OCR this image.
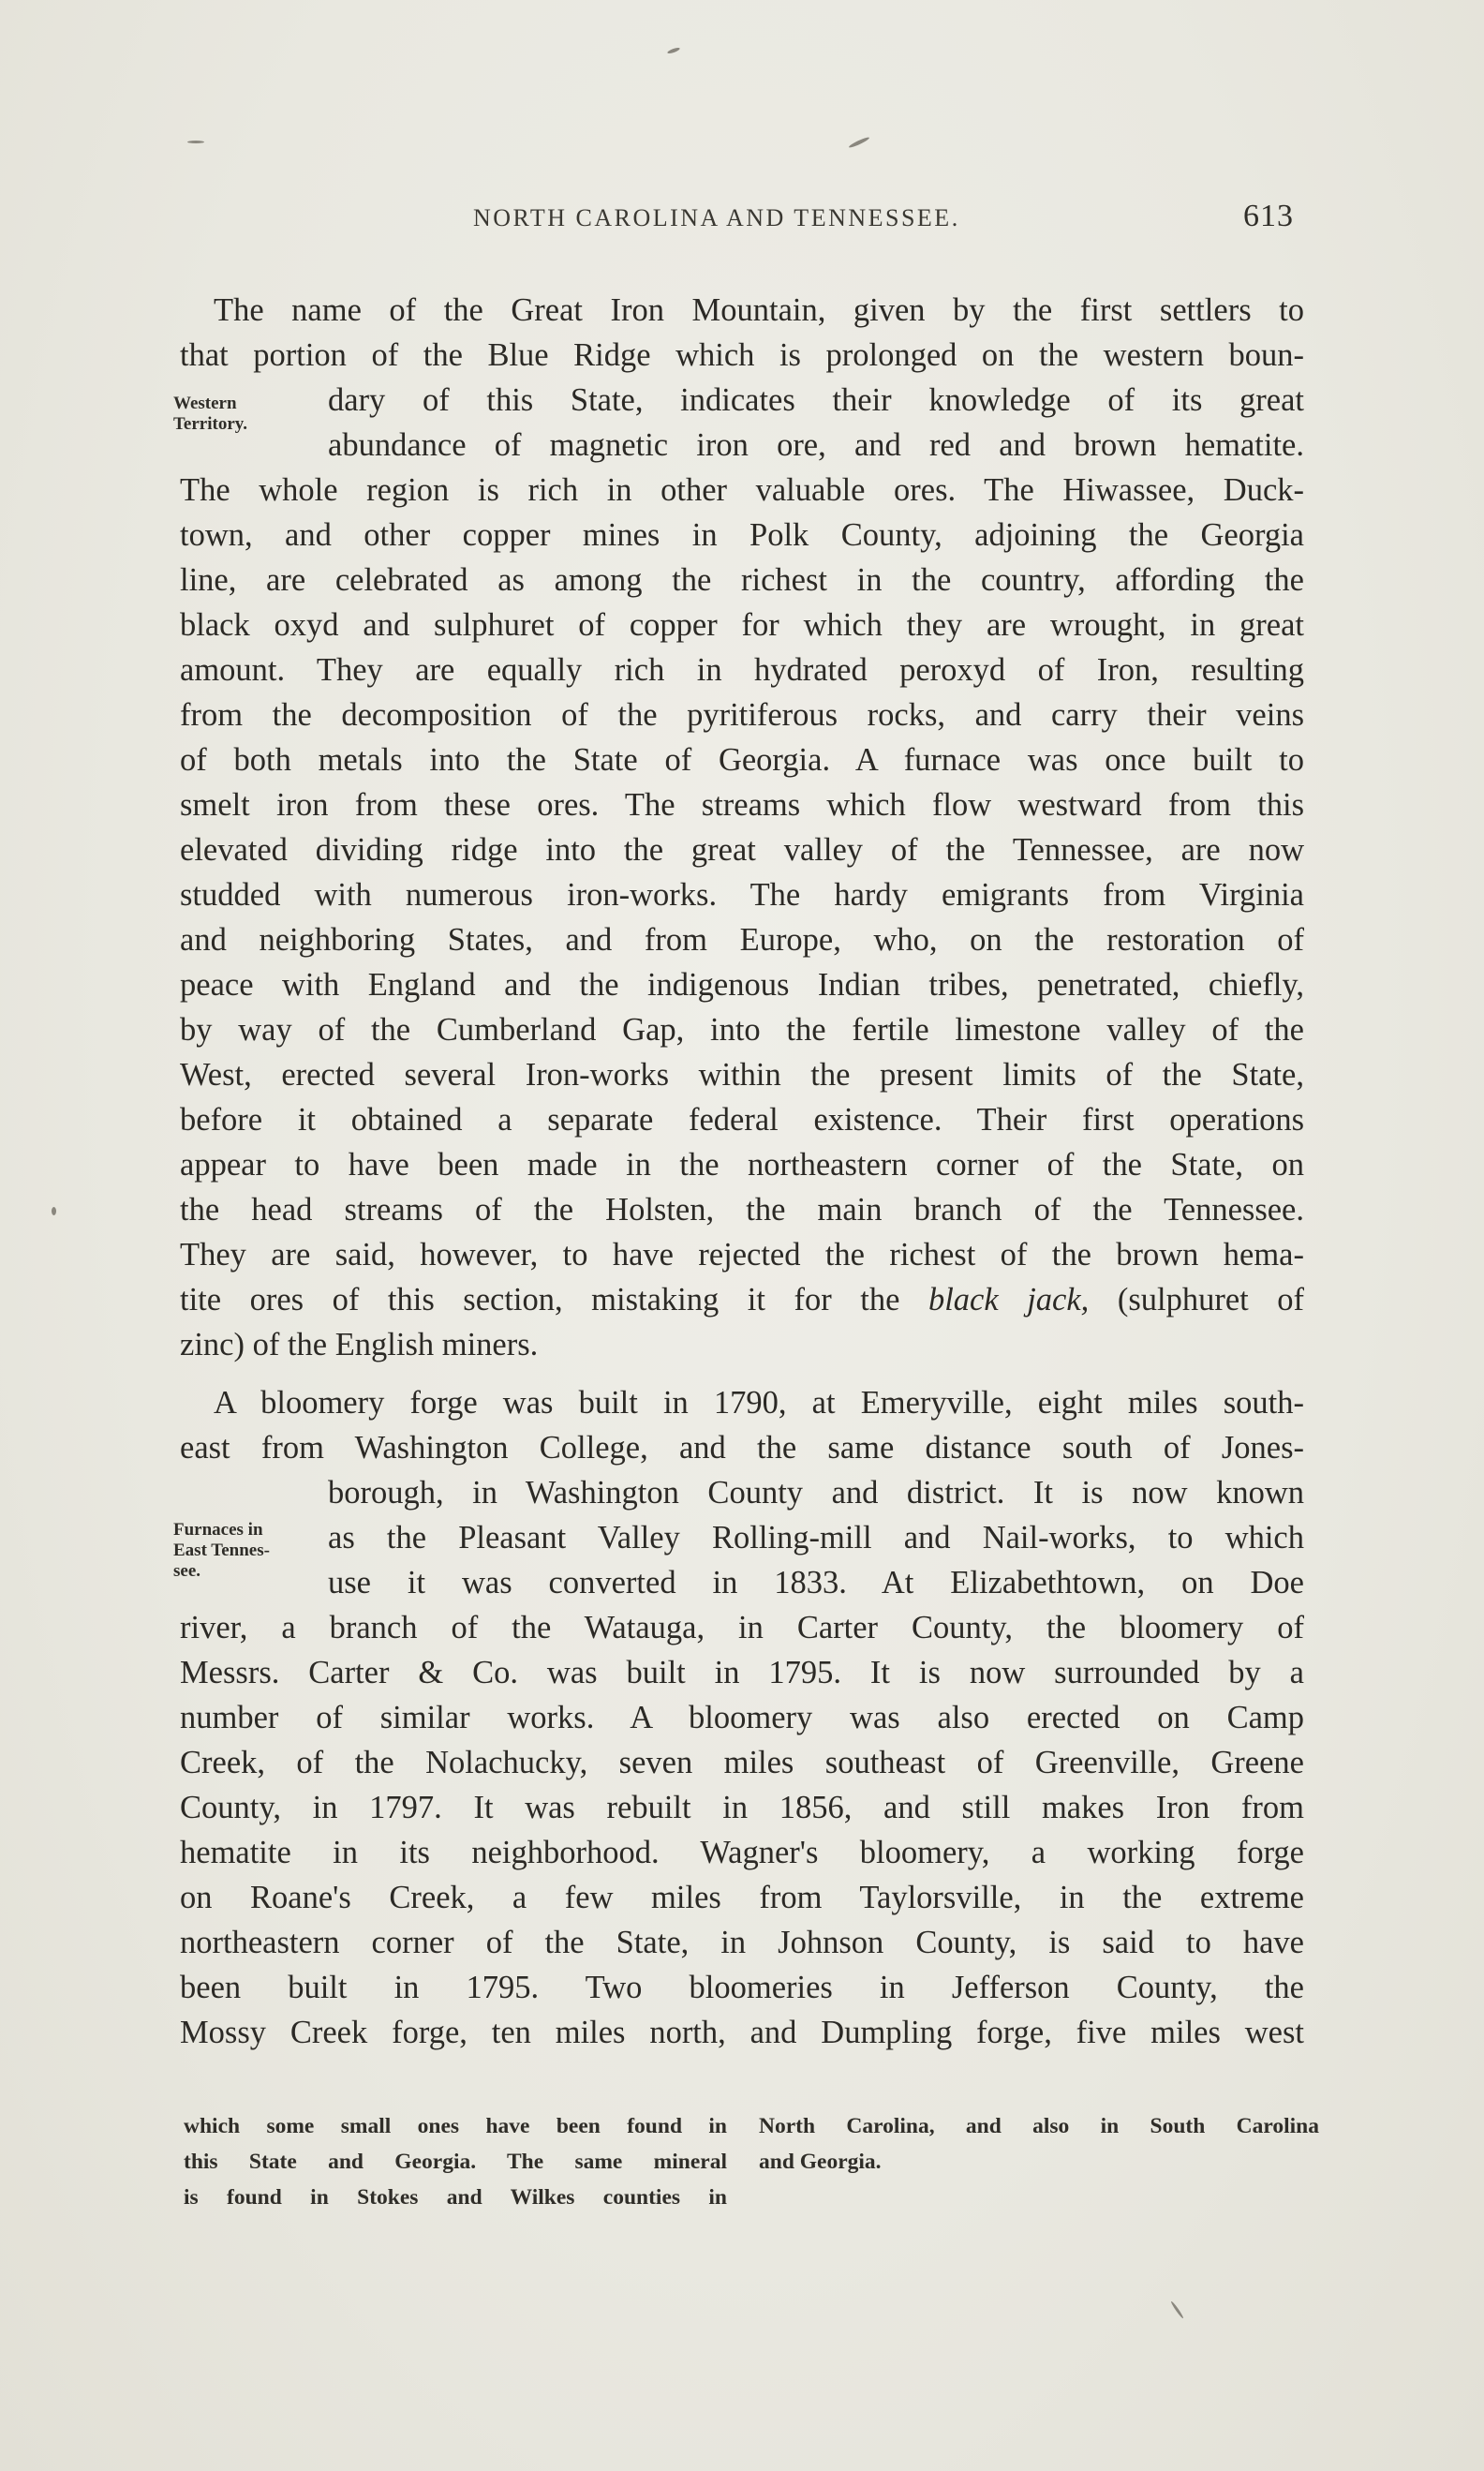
NORTH CAROLINA AND TENNESSEE.	613
Western
Territory.
Furnaces in
East Tennes-
see.
The name of the Great Iron Mountain, given by the first settlers to
that portion of the Blue Ridge which is prolonged on the western boun-
dary of this State, indicates their knowledge of its great
abundance of magnetic iron ore, and red and brown hematite.
The whole region is rich in other valuable ores. The Hiwassee, Duck-
town, and other copper mines in Polk County, adjoining the Georgia
line, are celebrated as among the richest in the country, affording the
black oxyd and sulphuret of copper for which they are wrought, in great
amount. They are equally rich in hydrated peroxyd of Iron, resulting
from the decomposition of the pyritiferous rocks, and carry their veins
of both metals into the State of Georgia. A furnace was once built to
smelt iron from these ores. The streams which flow westward from this
elevated dividing ridge into the great valley of the Tennessee, are now
studded with numerous iron-works. The hardy emigrants from Virginia
and neighboring States, and from Europe, who, on the restoration of
peace with England and the indigenous Indian tribes, penetrated, chiefly,
by way of the Cumberland Gap, into the fertile limestone valley of the
West, erected several Iron-works within the present limits of the State,
before it obtained a separate federal existence. Their first operations
appear to have been made in the northeastern corner of the State, on
the head streams of the Holsten, the main branch of the Tennessee.
They are said, however, to have rejected the richest of the brown hema-
tite ores of this section, mistaking it for the black jack, (sulphuret of
zinc) of the English miners.
A bloomery forge was built in 1790, at Emeryville, eight miles south-
east from Washington College, and the same distance south of Jones-
borough, in Washington County and district. It is now known
as the Pleasant Valley Rolling-mill and Nail-works, to which
use it was converted in 1833. At Elizabethtown, on Doe
river, a branch of the Watauga, in Carter County, the bloomery of
Messrs. Carter & Co. was built in 1795. It is now surrounded by a
number of similar works. A bloomery was also erected on Camp
Creek, of the Nolachucky, seven miles southeast of Greenville, Greene
County, in 1797. It was rebuilt in 1856, and still makes Iron from
hematite in its neighborhood. Wagner's bloomery, a working forge
on Roane's Creek, a few miles from Taylorsville, in the extreme
northeastern corner of the State, in Johnson County, is said to have
been built in 1795. Two bloomeries in Jefferson County, the
Mossy Creek forge, ten miles north, and Dumpling forge, five miles west
which some small ones have been found in
this State and Georgia. The same mineral
is found in Stokes and Wilkes counties in
North Carolina, and also in South Carolina
and Georgia.
